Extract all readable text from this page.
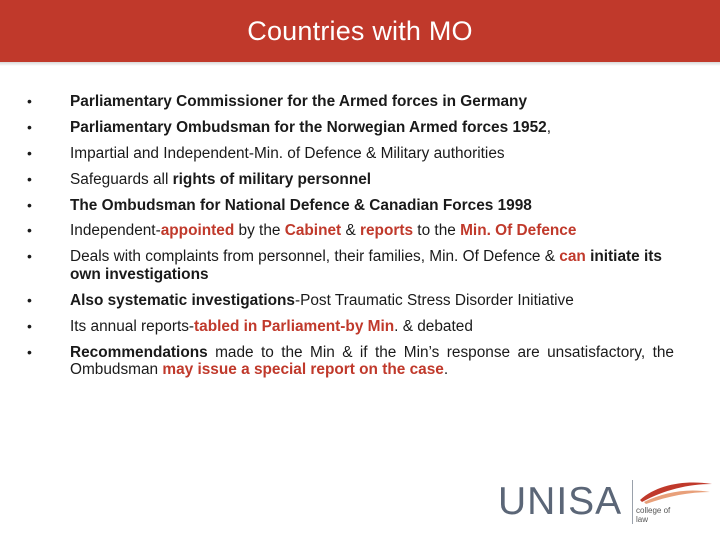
Countries with MO
•	Parliamentary Commissioner for the Armed forces in Germany
•	Parliamentary Ombudsman for the Norwegian Armed forces 1952,
•	Impartial and Independent-Min. of Defence & Military authorities
•	Safeguards all rights of military personnel
•	The Ombudsman for National Defence & Canadian Forces 1998
•	Independent-appointed by the Cabinet & reports to the Min. Of Defence
•	Deals with complaints from personnel, their families, Min. Of Defence & can initiate its own investigations
•	Also systematic investigations-Post Traumatic Stress Disorder Initiative
•	Its annual reports-tabled in Parliament-by Min. & debated
•	Recommendations made to the Min & if the Min’s response are unsatisfactory, the Ombudsman may issue a special report on the case.
UNISA college of law
